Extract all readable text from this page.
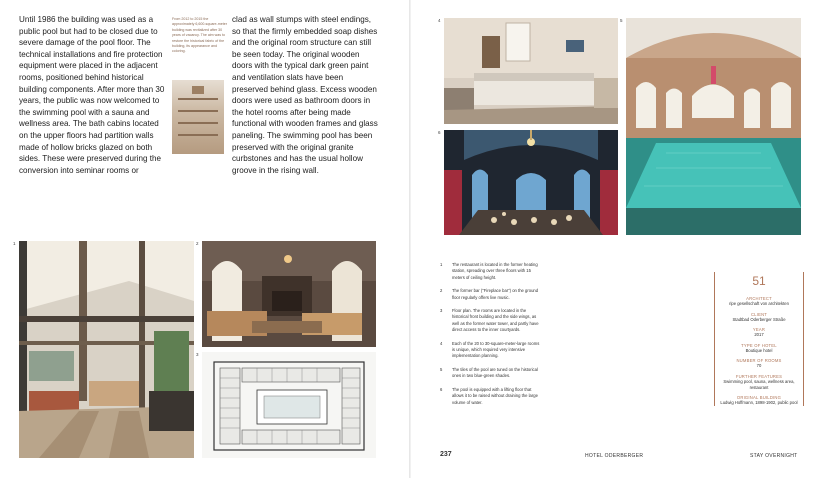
Until 1986 the building was used as a public pool but had to be closed due to severe damage of the pool floor. The technical installations and fire protection equipment were placed in the adjacent rooms, positioned behind historical building components. After more than 30 years, the public was now welcomed to the swimming pool with a sauna and wellness area. The bath cabins located on the upper floors had partition walls made of hollow bricks glazed on both sides. These were preserved during the conversion into seminar rooms or
From 2012 to 2015 the approximately 6,600-square-meter building was revitalized after 30 years of vacancy. The aim was to restore the historical fabric of the building, its appearance and coloring.
clad as wall stumps with steel endings, so that the firmly embedded soap dishes and the original room structure can still be seen today. The original wooden doors with the typical dark green paint and ventilation slats have been preserved behind glass. Excess wooden doors were used as bathroom doors in the hotel rooms after being made functional with wooden frames and glass paneling. The swimming pool has been preserved with the original granite curbstones and has the usual hollow groove in the rising wall.
1	2
3
4	5
6
1 The restaurant is located in the former heating station, spreading over three floors with 15 meters of ceiling height.
2 The former bar ("Fireplace bar") on the ground floor regularly offers live music.
3 Floor plan. The rooms are located in the historical front building and the side wings, as well as the former water tower, and partly have direct access to the inner courtyards.
4 Each of the 20 to 30-square-meter-large rooms is unique, which required very intensive implementation planning.
5 The tiles of the pool are tuned on the historical ones in two blue-green shades.
6 The pool is equipped with a lifting floor that allows it to be raised without draining the large volume of water.
51
ARCHITECT
ripe gesellschaft von architekten
CLIENT
Stadtbad Oderberger Straße
YEAR
2017
TYPE OF HOTEL
Boutique hotel
NUMBER OF ROOMS
70
FURTHER FEATURES
Swimming pool, sauna, wellness area, restaurant
ORIGINAL BUILDING
Ludwig Hoffmann, 1898-1902, public pool
237	HOTEL ODERBERGER	STAY OVERNIGHT
